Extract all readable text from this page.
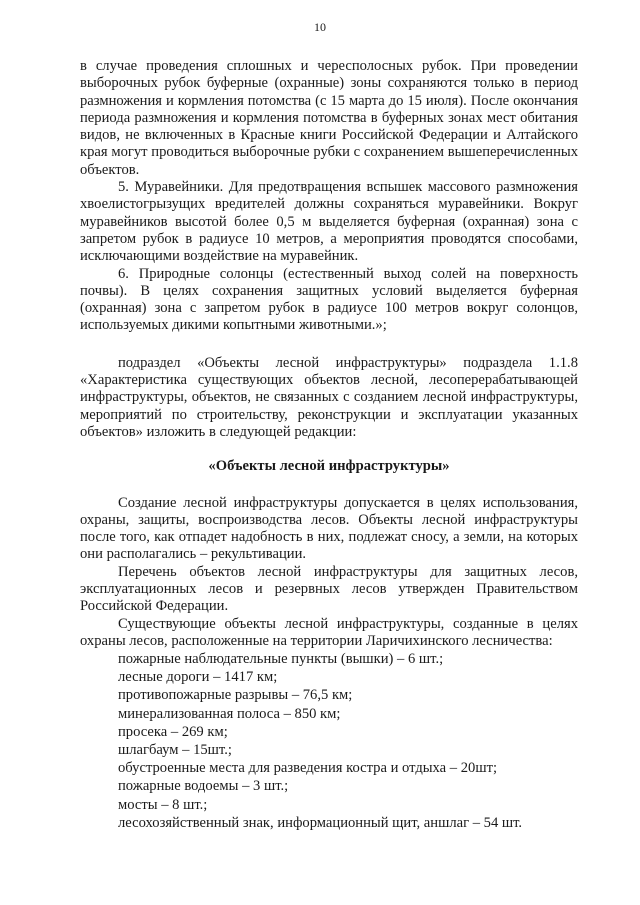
10

в случае проведения сплошных и чересполосных рубок. При проведении выборочных рубок буферные (охранные) зоны сохраняются только в период размножения и кормления потомства (с 15 марта до 15 июля). После окончания периода размножения и кормления потомства в буферных зонах мест обитания видов, не включенных в Красные книги Российской Федерации и Алтайского края могут проводиться выборочные рубки с сохранением вышеперечисленных объектов.

5. Муравейники. Для предотвращения вспышек массового размножения хвоелистогрызущих вредителей должны сохраняться муравейники. Вокруг муравейников высотой более 0,5 м выделяется буферная (охранная) зона с запретом рубок в радиусе 10 метров, а мероприятия проводятся способами, исключающими воздействие на муравейник.

6. Природные солонцы (естественный выход солей на поверхность почвы). В целях сохранения защитных условий выделяется буферная (охранная) зона с запретом рубок в радиусе 100 метров вокруг солонцов, используемых дикими копытными животными.»;

подраздел «Объекты лесной инфраструктуры» подраздела 1.1.8 «Характеристика существующих объектов лесной, лесоперерабатывающей инфраструктуры, объектов, не связанных с созданием лесной инфраструктуры, мероприятий по строительству, реконструкции и эксплуатации указанных объектов» изложить в следующей редакции:

«Объекты лесной инфраструктуры»

Создание лесной инфраструктуры допускается в целях использования, охраны, защиты, воспроизводства лесов. Объекты лесной инфраструктуры после того, как отпадет надобность в них, подлежат сносу, а земли, на которых они располагались – рекультивации.

Перечень объектов лесной инфраструктуры для защитных лесов, эксплуатационных лесов и резервных лесов утвержден Правительством Российской Федерации.

Существующие объекты лесной инфраструктуры, созданные в целях охраны лесов, расположенные на территории Ларичихинского лесничества:

пожарные наблюдательные пункты (вышки) – 6 шт.;

лесные дороги – 1417 км;

противопожарные разрывы – 76,5 км;

минерализованная полоса – 850 км;

просека – 269 км;

шлагбаум – 15шт.;

обустроенные места для разведения костра и отдыха – 20шт;

пожарные водоемы – 3 шт.;

мосты – 8 шт.;

лесохозяйственный знак, информационный щит, аншлаг – 54 шт.
